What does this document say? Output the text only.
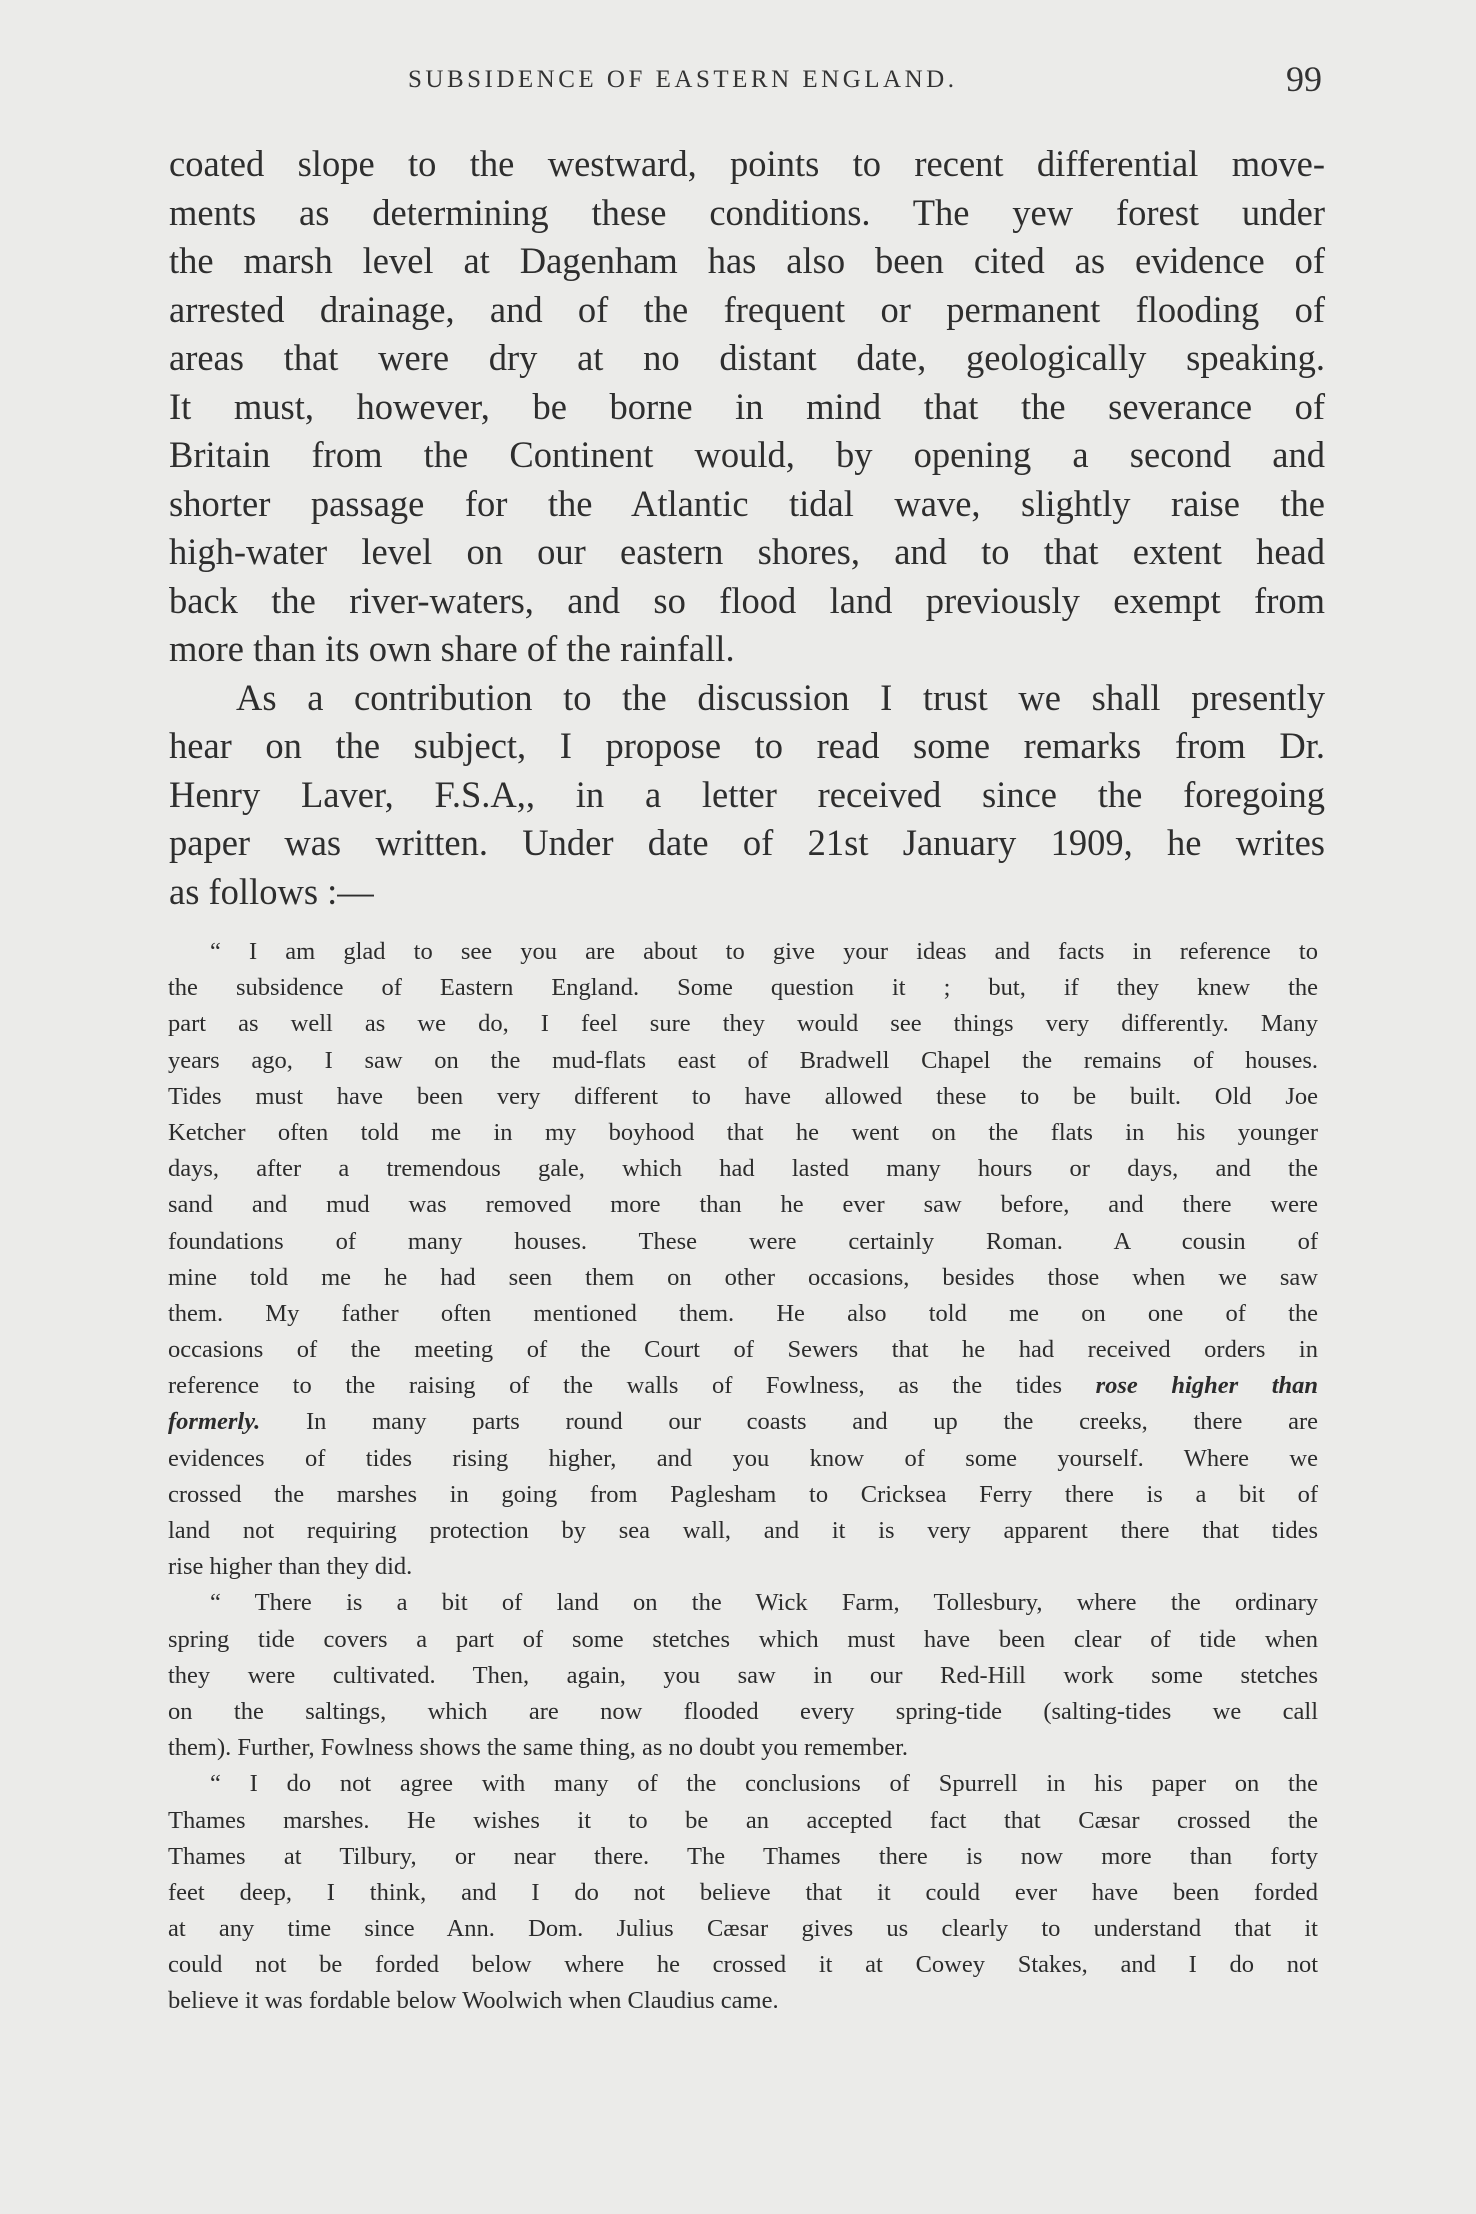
SUBSIDENCE OF EASTERN ENGLAND.	99
coated slope to the westward, points to recent differential move-
ments as determining these conditions. The yew forest under
the marsh level at Dagenham has also been cited as evidence of
arrested drainage, and of the frequent or permanent flooding of
areas that were dry at no distant date, geologically speaking.
It must, however, be borne in mind that the severance of
Britain from the Continent would, by opening a second and
shorter passage for the Atlantic tidal wave, slightly raise the
high-water level on our eastern shores, and to that extent head
back the river-waters, and so flood land previously exempt from
more than its own share of the rainfall.
As a contribution to the discussion I trust we shall presently
hear on the subject, I propose to read some remarks from Dr.
Henry Laver, F.S.A,, in a letter received since the foregoing
paper was written. Under date of 21st January 1909, he writes
as follows :—
“ I am glad to see you are about to give your ideas and facts in reference to
the subsidence of Eastern England. Some question it ; but, if they knew the
part as well as we do, I feel sure they would see things very differently. Many
years ago, I saw on the mud-flats east of Bradwell Chapel the remains of houses.
Tides must have been very different to have allowed these to be built. Old Joe
Ketcher often told me in my boyhood that he went on the flats in his younger
days, after a tremendous gale, which had lasted many hours or days, and the
sand and mud was removed more than he ever saw before, and there were
foundations of many houses. These were certainly Roman. A cousin of
mine told me he had seen them on other occasions, besides those when we saw
them. My father often mentioned them. He also told me on one of the
occasions of the meeting of the Court of Sewers that he had received orders in
reference to the raising of the walls of Fowlness, as the tides rose higher than
formerly. In many parts round our coasts and up the creeks, there are
evidences of tides rising higher, and you know of some yourself. Where we
crossed the marshes in going from Paglesham to Cricksea Ferry there is a bit of
land not requiring protection by sea wall, and it is very apparent there that tides
rise higher than they did.
“ There is a bit of land on the Wick Farm, Tollesbury, where the ordinary
spring tide covers a part of some stetches which must have been clear of tide when
they were cultivated. Then, again, you saw in our Red-Hill work some stetches
on the saltings, which are now flooded every spring-tide (salting-tides we call
them). Further, Fowlness shows the same thing, as no doubt you remember.
“ I do not agree with many of the conclusions of Spurrell in his paper on the
Thames marshes. He wishes it to be an accepted fact that Cæsar crossed the
Thames at Tilbury, or near there. The Thames there is now more than forty
feet deep, I think, and I do not believe that it could ever have been forded
at any time since Ann. Dom. Julius Cæsar gives us clearly to understand that it
could not be forded below where he crossed it at Cowey Stakes, and I do not
believe it was fordable below Woolwich when Claudius came.
